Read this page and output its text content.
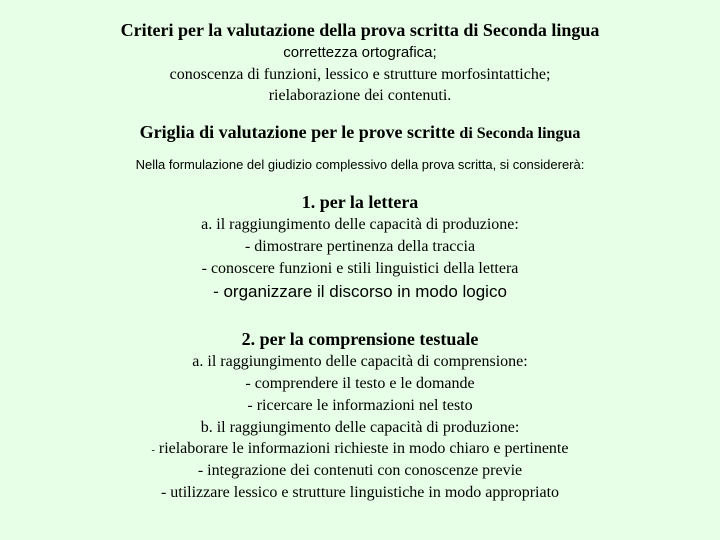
Criteri per la valutazione della prova scritta di Seconda lingua
correttezza ortografica;
conoscenza di funzioni, lessico e strutture morfosintattiche;
rielaborazione dei contenuti.
Griglia di valutazione per le prove scritte di Seconda lingua
Nella formulazione del giudizio complessivo della prova scritta, si considererà:
1. per la lettera
a. il raggiungimento delle capacità di produzione:
- dimostrare pertinenza della traccia
- conoscere funzioni e stili linguistici della lettera
- organizzare il discorso in modo logico
2. per la comprensione testuale
a. il raggiungimento delle capacità di comprensione:
- comprendere il testo e le domande
- ricercare le informazioni nel testo
b. il raggiungimento delle capacità di produzione:
- rielaborare le informazioni richieste in modo chiaro e pertinente
- integrazione dei contenuti con conoscenze previe
- utilizzare lessico e strutture linguistiche in modo appropriato
